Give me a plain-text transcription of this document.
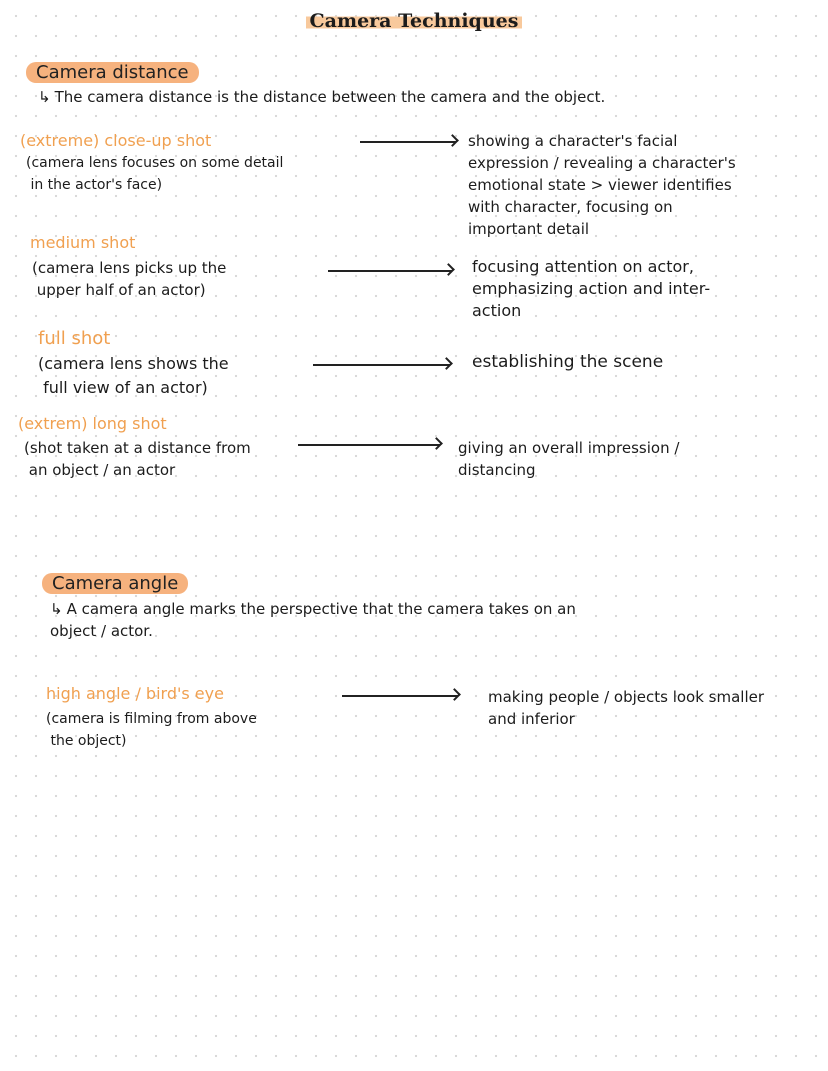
Camera Techniques
Camera distance
↳ The camera distance is the distance between the camera and the object.
(extreme) close-up shot
(camera lens focuses on some detail
in the actor's face)
showing a character's facial
expression / revealing a character's
emotional state > viewer identifies
with character, focusing on
important detail
medium shot
(camera lens picks up the
upper half of an actor)
focusing attention on actor,
emphasizing action and inter-
action
full shot
(camera lens shows the
full view of an actor)
establishing the scene
(extrem) long shot
(shot taken at a distance from
an object / an actor
giving an overall impression /
distancing
Camera angle
↳ A camera angle marks the perspective that the camera takes on an
object / actor.
high angle / bird's eye
(camera is filming from above
the object)
making people / objects look smaller
and inferior
